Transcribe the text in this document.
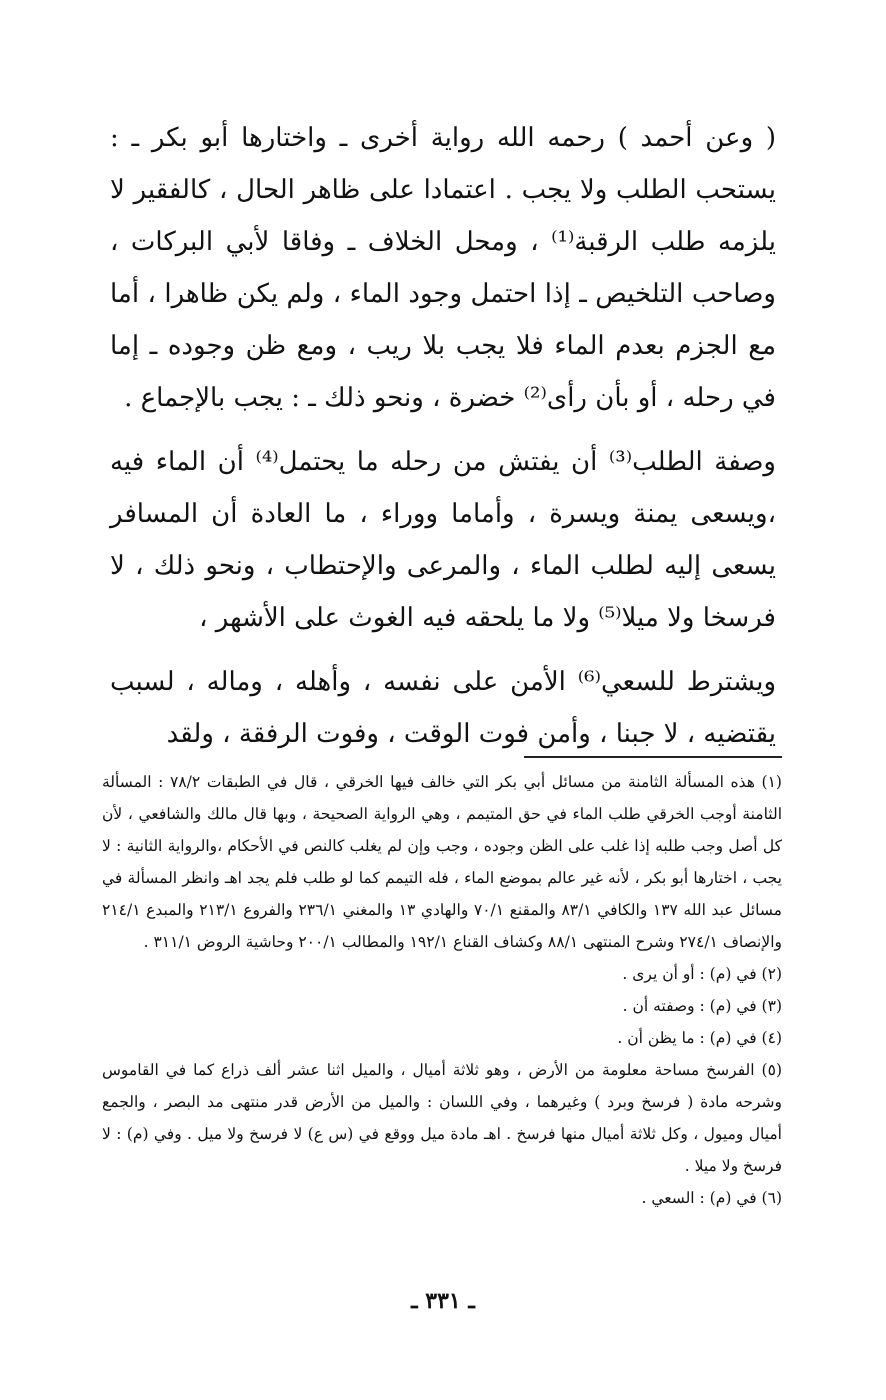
( وعن أحمد ) رحمه الله رواية أخرى ـ واختارها أبو بكر ـ : يستحب الطلب ولا يجب . اعتمادا على ظاهر الحال ، كالفقير لا يلزمه طلب الرقبة⁽¹⁾ ، ومحل الخلاف ـ وفاقا لأبي البركات ، وصاحب التلخيص ـ إذا احتمل وجود الماء ، ولم يكن ظاهرا ، أما مع الجزم بعدم الماء فلا يجب بلا ريب ، ومع ظن وجوده ـ إما في رحله ، أو بأن رأى⁽²⁾ خضرة ، ونحو ذلك ـ : يجب بالإجماع .

وصفة الطلب⁽³⁾ أن يفتش من رحله ما يحتمل⁽⁴⁾ أن الماء فيه ،ويسعى يمنة ويسرة ، وأماما ووراء ، ما العادة أن المسافر يسعى إليه لطلب الماء ، والمرعى والإحتطاب ، ونحو ذلك ، لا فرسخا ولا ميلا⁽⁵⁾ ولا ما يلحقه فيه الغوث على الأشهر ،

ويشترط للسعي⁽⁶⁾ الأمن على نفسه ، وأهله ، وماله ، لسبب يقتضيه ، لا جبنا ، وأمن فوت الوقت ، وفوت الرفقة ، ولقد

(١) هذه المسألة الثامنة من مسائل أبي بكر التي خالف فيها الخرقي ، قال في الطبقات ٧٨/٢ : المسألة الثامنة أوجب الخرقي طلب الماء في حق المتيمم ، وهي الرواية الصحيحة ، وبها قال مالك والشافعي ، لأن كل أصل وجب طلبه إذا غلب على الظن وجوده ، وجب وإن لم يغلب كالنص في الأحكام ،والرواية الثانية : لا يجب ، اختارها أبو بكر ، لأنه غير عالم بموضع الماء ، فله التيمم كما لو طلب فلم يجد اهـ وانظر المسألة في مسائل عبد الله ١٣٧ والكافي ٨٣/١ والمقنع ٧٠/١ والهادي ١٣ والمغني ٢٣٦/١ والفروع ٢١٣/١ والمبدع ٢١٤/١ والإنصاف ٢٧٤/١ وشرح المنتهى ٨٨/١ وكشاف القناع ١٩٢/١ والمطالب ٢٠٠/١ وحاشية الروض ٣١١/١ .

(٢) في (م) : أو أن يرى .

(٣) في (م) : وصفته أن .

(٤) في (م) : ما يظن أن .

(٥) الفرسخ مساحة معلومة من الأرض ، وهو ثلاثة أميال ، والميل اثنا عشر ألف ذراع كما في القاموس وشرحه مادة ( فرسخ وبرد ) وغيرهما ، وفي اللسان : والميل من الأرض قدر منتهى مد البصر ، والجمع أميال وميول ، وكل ثلاثة أميال منها فرسخ . اهـ مادة ميل ووقع في (س ع) لا فرسخ ولا ميل . وفي (م) : لا فرسخ ولا ميلا .

(٦) في (م) : السعي .

ـ ٣٣١ ـ
